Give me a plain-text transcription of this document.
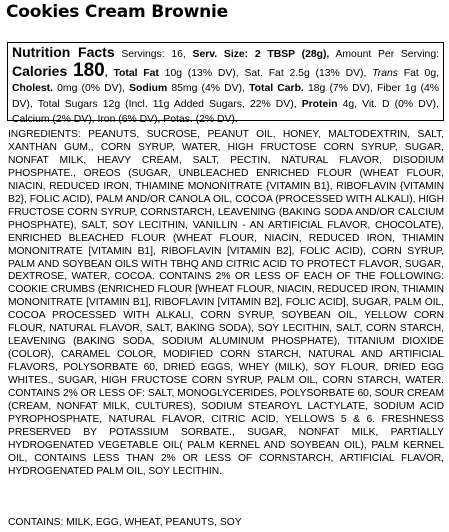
Cookies Cream Brownie
Nutrition Facts Servings: 16, Serv. Size: 2 TBSP (28g), Amount Per Serving: Calories 180, Total Fat 10g (13% DV), Sat. Fat 2.5g (13% DV), Trans Fat 0g, Cholest. 0mg (0% DV), Sodium 85mg (4% DV), Total Carb. 18g (7% DV), Fiber 1g (4% DV), Total Sugars 12g (Incl. 11g Added Sugars, 22% DV), Protein 4g, Vit. D (0% DV), Calcium (2% DV), Iron (6% DV), Potas. (2% DV).

INGREDIENTS: PEANUTS, SUCROSE, PEANUT OIL, HONEY, MALTODEXTRIN, SALT, XANTHAN GUM., CORN SYRUP, WATER, HIGH FRUCTOSE CORN SYRUP, SUGAR, NONFAT MILK, HEAVY CREAM, SALT, PECTIN, NATURAL FLAVOR, DISODIUM PHOSPHATE., OREOS (SUGAR, UNBLEACHED ENRICHED FLOUR (WHEAT FLOUR, NIACIN, REDUCED IRON, THIAMINE MONONITRATE {VITAMIN B1}, RIBOFLAVIN {VITAMIN B2}, FOLIC ACID), PALM AND/OR CANOLA OIL, COCOA (PROCESSED WITH ALKALI), HIGH FRUCTOSE CORN SYRUP, CORNSTARCH, LEAVENING (BAKING SODA AND/OR CALCIUM PHOSPHATE), SALT, SOY LECITHIN, VANILLIN - AN ARTIFICIAL FLAVOR, CHOCOLATE), ENRICHED BLEACHED FLOUR (WHEAT FLOUR, NIACIN, REDUCED IRON, THIAMIN MONONITRATE [VITAMIN B1], RIBOFLAVIN [VITAMIN B2], FOLIC ACID), CORN SYRUP, PALM AND SOYBEAN OILS WITH TBHQ AND CITRIC ACID TO PROTECT FLAVOR, SUGAR, DEXTROSE, WATER, COCOA. CONTAINS 2% OR LESS OF EACH OF THE FOLLOWING: COOKIE CRUMBS (ENRICHED FLOUR [WHEAT FLOUR, NIACIN, REDUCED IRON, THIAMIN MONONITRATE [VITAMIN B1], RIBOFLAVIN [VITAMIN B2], FOLIC ACID], SUGAR, PALM OIL, COCOA PROCESSED WITH ALKALI, CORN SYRUP, SOYBEAN OIL, YELLOW CORN FLOUR, NATURAL FLAVOR, SALT, BAKING SODA), SOY LECITHIN, SALT, CORN STARCH, LEAVENING (BAKING SODA, SODIUM ALUMINUM PHOSPHATE), TITANIUM DIOXIDE (COLOR), CARAMEL COLOR, MODIFIED CORN STARCH, NATURAL AND ARTIFICIAL FLAVORS, POLYSORBATE 60, DRIED EGGS, WHEY (MILK), SOY FLOUR, DRIED EGG WHITES., SUGAR, HIGH FRUCTOSE CORN SYRUP, PALM OIL, CORN STARCH, WATER. CONTAINS 2% OR LESS OF: SALT, MONOGLYCERIDES, POLYSORBATE 60, SOUR CREAM (CREAM, NONFAT MILK, CULTURES), SODIUM STEAROYL LACTYLATE, SODIUM ACID PYROPHOSPHATE, NATURAL FLAVOR, CITRIC ACID, YELLOWS 5 & 6. FRESHNESS PRESERVED BY POTASSIUM SORBATE., SUGAR, NONFAT MILK, PARTIALLY HYDROGENATED VEGETABLE OIL( PALM KERNEL AND SOYBEAN OIL), PALM KERNEL OIL, CONTAINS LESS THAN 2% OR LESS OF CORNSTARCH, ARTIFICIAL FLAVOR, HYDROGENATED PALM OIL, SOY LECITHIN.

CONTAINS: MILK, EGG, WHEAT, PEANUTS, SOY
